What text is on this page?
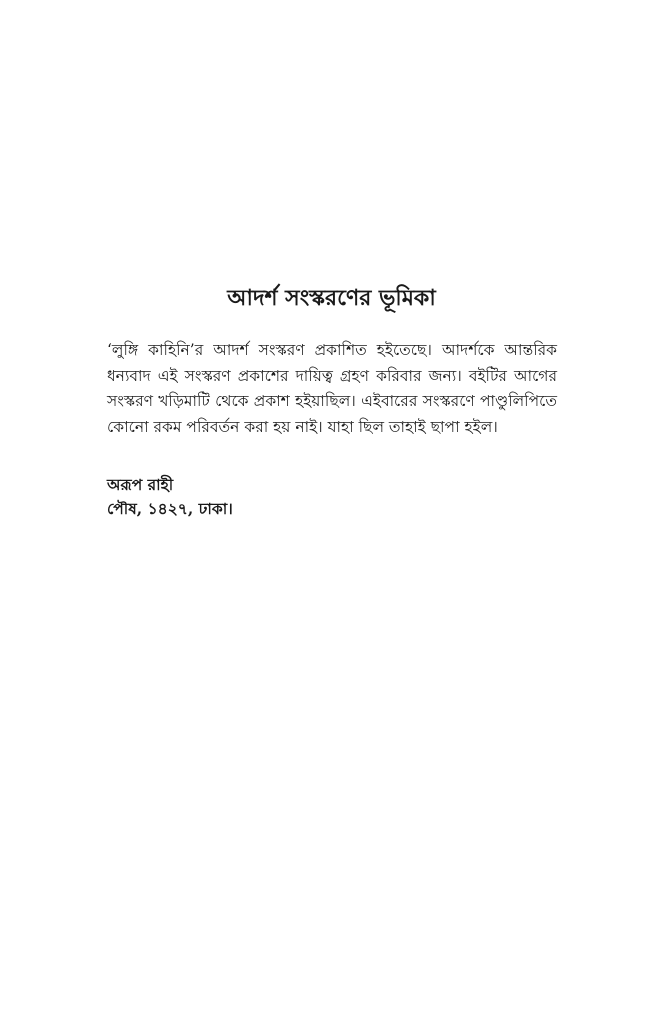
আদর্শ সংস্করণের ভূমিকা

‘লুঙ্গি কাহিনি’র আদর্শ সংস্করণ প্রকাশিত হইতেছে। আদর্শকে আন্তরিক ধন্যবাদ এই সংস্করণ প্রকাশের দায়িত্ব গ্রহণ করিবার জন্য। বইটির আগের সংস্করণ খড়িমাটি থেকে প্রকাশ হইয়াছিল। এইবারের সংস্করণে পাণ্ডুলিপিতে কোনো রকম পরিবর্তন করা হয় নাই। যাহা ছিল তাহাই ছাপা হইল।

অরূপ রাহী
পৌষ, ১৪২৭, ঢাকা।
